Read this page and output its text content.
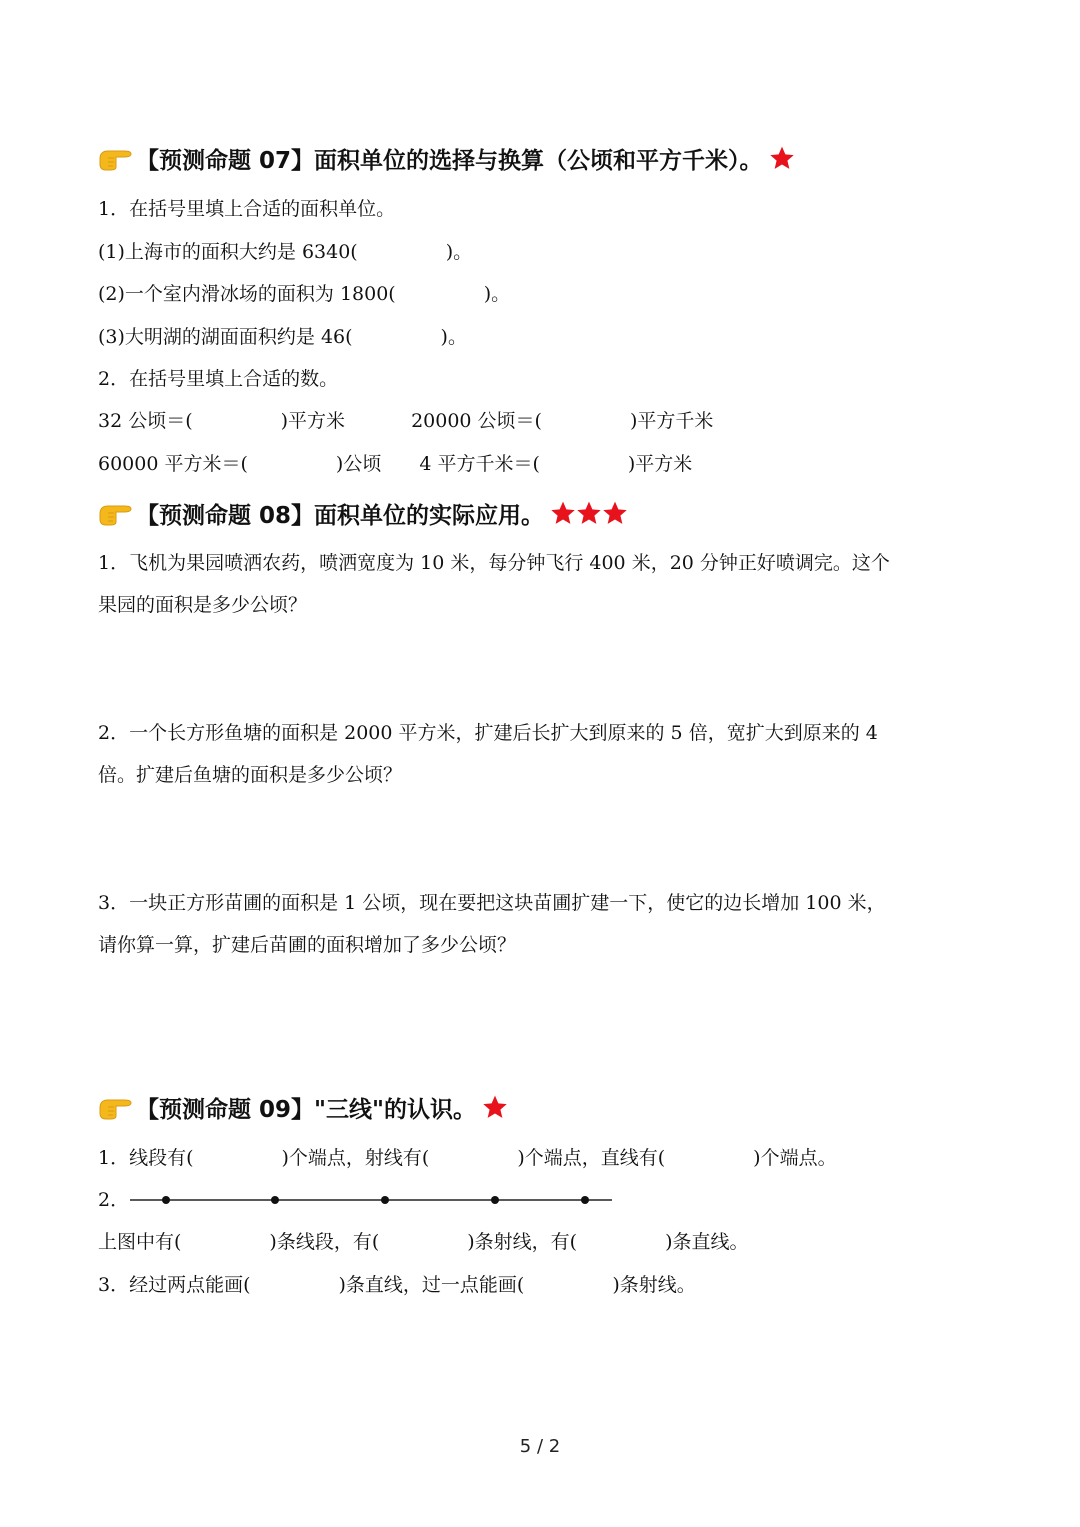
【预测命题 07】面积单位的选择与换算（公顷和平方千米）。
1．在括号里填上合适的面积单位。
(1)上海市的面积大约是 6340(	)。
(2)一个室内滑冰场的面积为 1800(	)。
(3)大明湖的湖面面积约是 46(	)。
2．在括号里填上合适的数。
32 公顷＝(	)平方米	20000 公顷＝(	)平方千米
60000 平方米＝(	)公顷 4 平方千米＝(	)平方米
【预测命题 08】面积单位的实际应用。
1．飞机为果园喷洒农药，喷洒宽度为 10 米，每分钟飞行 400 米，20 分钟正好喷调完。这个
果园的面积是多少公顷？
2．一个长方形鱼塘的面积是 2000 平方米，扩建后长扩大到原来的 5 倍，宽扩大到原来的 4
倍。扩建后鱼塘的面积是多少公顷？
3．一块正方形苗圃的面积是 1 公顷，现在要把这块苗圃扩建一下，使它的边长增加 100 米，
请你算一算，扩建后苗圃的面积增加了多少公顷？
【预测命题 09】"三线"的认识。
1．线段有(	)个端点，射线有(	)个端点，直线有(	)个端点。
2．
上图中有(	)条线段，有(	)条射线，有(	)条直线。
3．经过两点能画(	)条直线，过一点能画(	)条射线。
5 / 2
